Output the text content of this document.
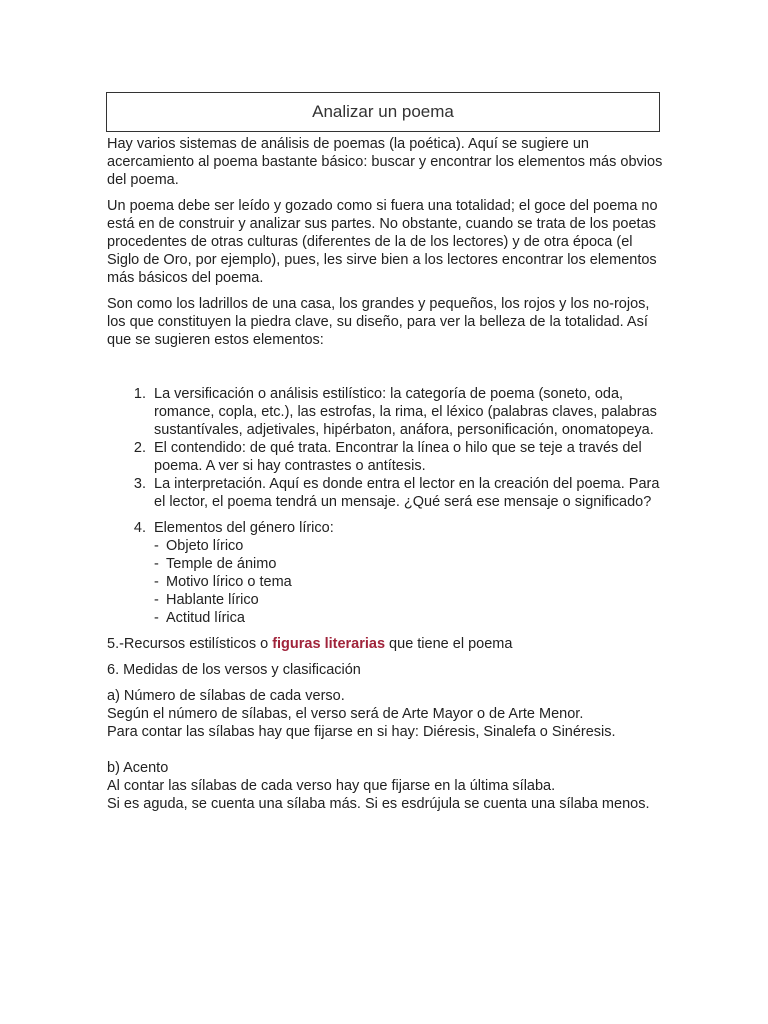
Analizar un poema

Hay varios sistemas de análisis de poemas (la poética). Aquí se sugiere un acercamiento al poema bastante básico: buscar y encontrar los elementos más obvios del poema.

Un poema debe ser leído y gozado como si fuera una totalidad; el goce del poema no está en de construir y analizar sus partes. No obstante, cuando se trata de los poetas procedentes de otras culturas (diferentes de la de los lectores) y de otra época (el Siglo de Oro, por ejemplo), pues, les sirve bien a los lectores encontrar los elementos más básicos del poema.

Son como los ladrillos de una casa, los grandes y pequeños, los rojos y los no-rojos, los que constituyen la piedra clave, su diseño, para ver la belleza de la totalidad. Así que se sugieren estos elementos:

1. La versificación o análisis estilístico: la categoría de poema (soneto, oda, romance, copla, etc.), las estrofas, la rima, el léxico (palabras claves, palabras sustantívales, adjetivales, hipérbaton, anáfora, personificación, onomatopeya.
2. El contendido: de qué trata. Encontrar la línea o hilo que se teje a través del poema. A ver si hay contrastes o antítesis.
3. La interpretación. Aquí es donde entra el lector en la creación del poema. Para el lector, el poema tendrá un mensaje. ¿Qué será ese mensaje o significado?
4. Elementos del género lírico:
- Objeto lírico
- Temple de ánimo
- Motivo lírico o tema
- Hablante lírico
- Actitud lírica

5.-Recursos estilísticos o figuras literarias que tiene el poema

6. Medidas de los versos y clasificación

a) Número de sílabas de cada verso.
Según el número de sílabas, el verso será de Arte Mayor o de Arte Menor.
Para contar las sílabas hay que fijarse en si hay: Diéresis, Sinalefa o Sinéresis.
b) Acento
Al contar las sílabas de cada verso hay que fijarse en la última sílaba.
Si es aguda, se cuenta una sílaba más. Si es esdrújula se cuenta una sílaba menos.
